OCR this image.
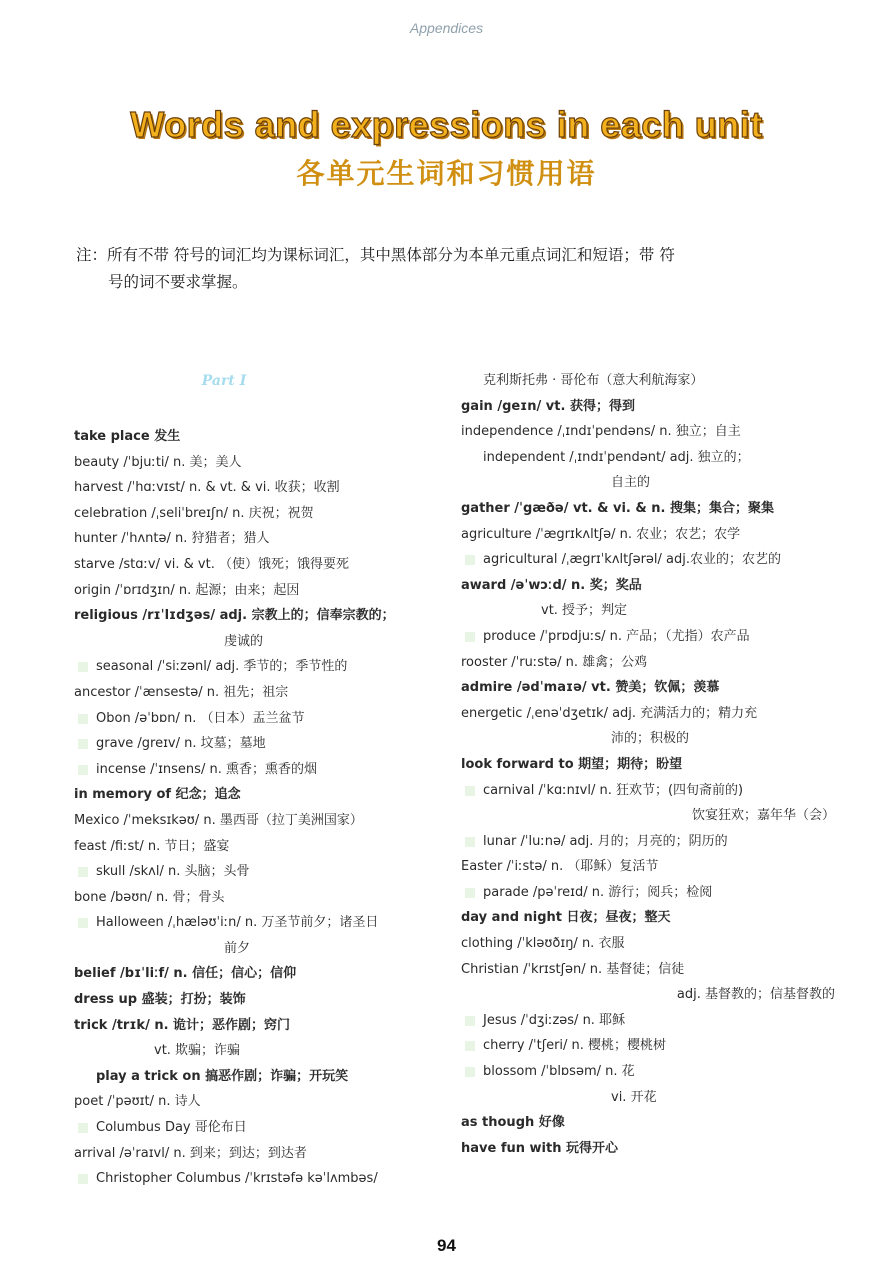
Appendices
Words and expressions in each unit
各单元生词和习惯用语
注：所有不带 符号的词汇均为课标词汇，其中黑体部分为本单元重点词汇和短语；带 符
号的词不要求掌握。
Part I
take place 发生
beauty /ˈbjuːti/ n. 美；美人
harvest /ˈhɑːvɪst/ n. & vt. & vi. 收获；收割
celebration /ˌseliˈbreɪʃn/ n. 庆祝；祝贺
hunter /ˈhʌntə/ n. 狩猎者；猎人
starve /stɑːv/ vi. & vt. （使）饿死；饿得要死
origin /ˈɒrɪdʒɪn/ n. 起源；由来；起因
religious /rɪˈlɪdʒəs/ adj. 宗教上的；信奉宗教的；
虔诚的
seasonal /ˈsiːzənl/ adj. 季节的；季节性的
ancestor /ˈænsestə/ n. 祖先；祖宗
Obon /əˈbɒn/ n. （日本）盂兰盆节
grave /greɪv/ n. 坟墓；墓地
incense /ˈɪnsens/ n. 熏香；熏香的烟
in memory of 纪念；追念
Mexico /ˈmeksɪkəʊ/ n. 墨西哥（拉丁美洲国家）
feast /fiːst/ n. 节日；盛宴
skull /skʌl/ n. 头脑；头骨
bone /bəʊn/ n. 骨；骨头
Halloween /ˌhæləʊˈiːn/ n. 万圣节前夕；诸圣日
前夕
belief /bɪˈliːf/ n. 信任；信心；信仰
dress up 盛装；打扮；装饰
trick /trɪk/ n. 诡计；恶作剧；窍门
vt. 欺骗；诈骗
play a trick on 搞恶作剧；诈骗；开玩笑
poet /ˈpəʊɪt/ n. 诗人
Columbus Day 哥伦布日
arrival /əˈraɪvl/ n. 到来；到达；到达者
Christopher Columbus /ˈkrɪstəfə kəˈlʌmbəs/
克利斯托弗 · 哥伦布（意大利航海家）
gain /geɪn/ vt. 获得；得到
independence /ˌɪndɪˈpendəns/ n. 独立；自主
independent /ˌɪndɪˈpendənt/ adj. 独立的；
自主的
gather /ˈgæðə/ vt. & vi. & n. 搜集；集合；聚集
agriculture /ˈægrɪkʌltʃə/ n. 农业；农艺；农学
agricultural /ˌægrɪˈkʌltʃərəl/ adj.农业的；农艺的
award /əˈwɔːd/ n. 奖；奖品
vt. 授予；判定
produce /ˈprɒdjuːs/ n. 产品；（尤指）农产品
rooster /ˈruːstə/ n. 雄禽；公鸡
admire /ədˈmaɪə/ vt. 赞美；钦佩；羡慕
energetic /ˌenəˈdʒetɪk/ adj. 充满活力的；精力充
沛的；积极的
look forward to 期望；期待；盼望
carnival /ˈkɑːnɪvl/ n. 狂欢节；(四旬斋前的)
饮宴狂欢；嘉年华（会）
lunar /ˈluːnə/ adj. 月的；月亮的；阴历的
Easter /ˈiːstə/ n. （耶稣）复活节
parade /pəˈreɪd/ n. 游行；阅兵；检阅
day and night 日夜；昼夜；整天
clothing /ˈkləʊðɪŋ/ n. 衣服
Christian /ˈkrɪstʃən/ n. 基督徒；信徒
adj. 基督教的；信基督教的
Jesus /ˈdʒiːzəs/ n. 耶稣
cherry /ˈtʃeri/ n. 樱桃；樱桃树
blossom /ˈblɒsəm/ n. 花
vi. 开花
as though 好像
have fun with 玩得开心
94
